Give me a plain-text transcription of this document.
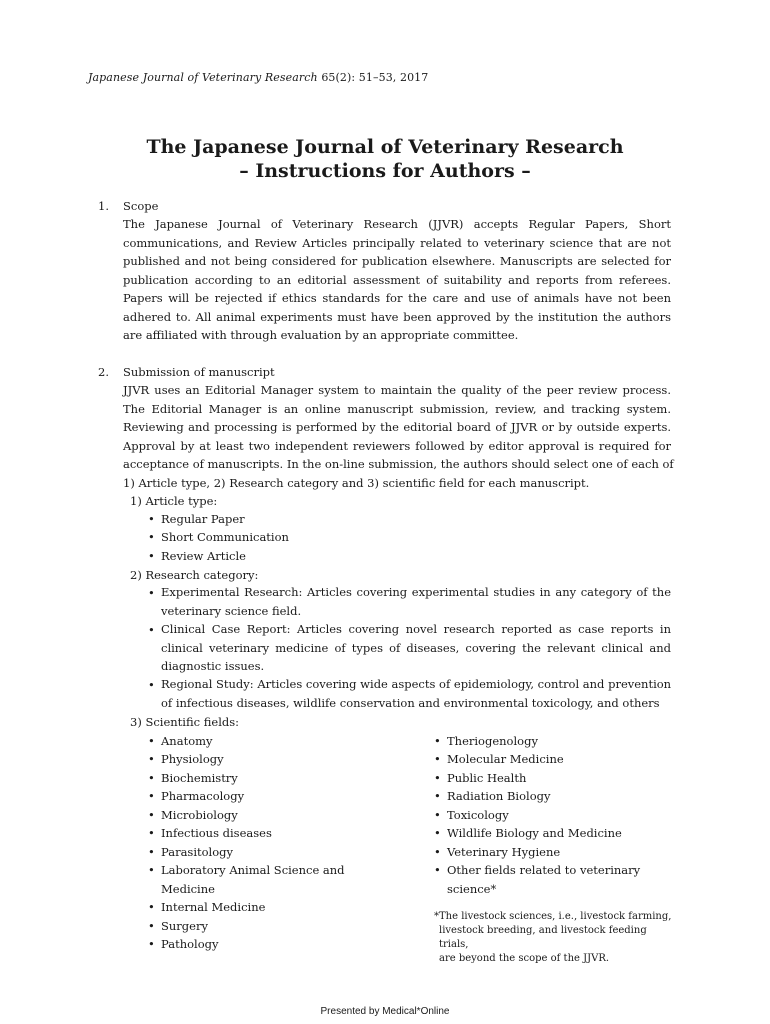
Japanese Journal of Veterinary Research 65(2): 51–53, 2017
The Japanese Journal of Veterinary Research
– Instructions for Authors –
1. Scope
The Japanese Journal of Veterinary Research (JJVR) accepts Regular Papers, Short
communications, and Review Articles principally related to veterinary science that are not
published and not being considered for publication elsewhere. Manuscripts are selected for
publication according to an editorial assessment of suitability and reports from referees.
Papers will be rejected if ethics standards for the care and use of animals have not been
adhered to. All animal experiments must have been approved by the institution the authors
are affiliated with through evaluation by an appropriate committee.
2. Submission of manuscript
JJVR uses an Editorial Manager system to maintain the quality of the peer review process.
The Editorial Manager is an online manuscript submission, review, and tracking system.
Reviewing and processing is performed by the editorial board of JJVR or by outside experts.
Approval by at least two independent reviewers followed by editor approval is required for
acceptance of manuscripts. In the on-line submission, the authors should select one of each of
1) Article type, 2) Research category and 3) scientific field for each manuscript.
1) Article type:
• Regular Paper
• Short Communication
• Review Article
2) Research category:
• Experimental Research: Articles covering experimental studies in any category of the
veterinary science field.
• Clinical Case Report: Articles covering novel research reported as case reports in
clinical veterinary medicine of types of diseases, covering the relevant clinical and
diagnostic issues.
• Regional Study: Articles covering wide aspects of epidemiology, control and prevention
of infectious diseases, wildlife conservation and environmental toxicology, and others
3) Scientific fields:
• Anatomy
• Physiology
• Biochemistry
• Pharmacology
• Microbiology
• Infectious diseases
• Parasitology
• Laboratory Animal Science and
Medicine
• Internal Medicine
• Surgery
• Pathology
• Theriogenology
• Molecular Medicine
• Public Health
• Radiation Biology
• Toxicology
• Wildlife Biology and Medicine
• Veterinary Hygiene
• Other fields related to veterinary
science*
*The livestock sciences, i.e., livestock farming,
livestock breeding, and livestock feeding trials,
are beyond the scope of the JJVR.
Presented by Medical*Online
